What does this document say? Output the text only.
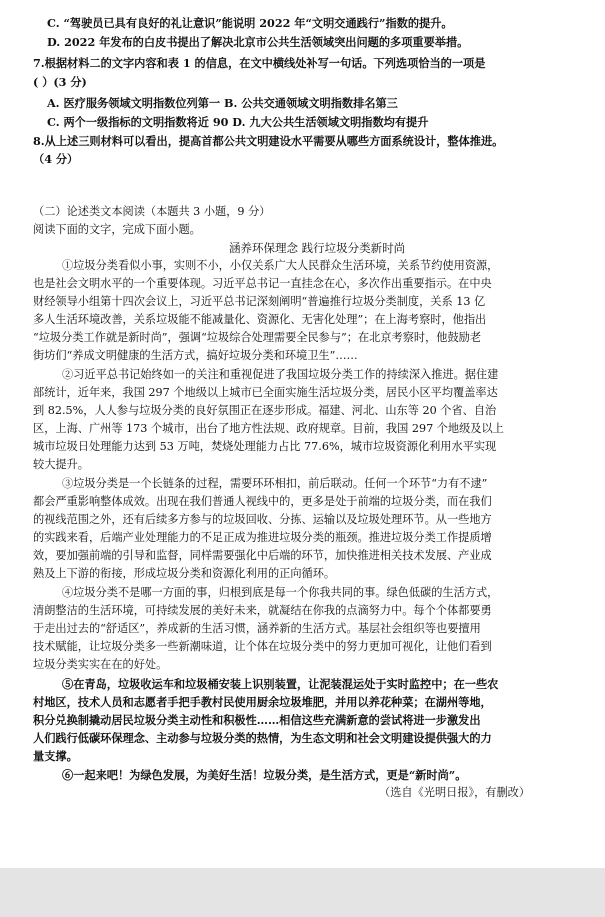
C. “驾驶员已具有良好的礼让意识”能说明 2022 年“文明交通践行”指数的提升。
D. 2022 年发布的白皮书提出了解决北京市公共生活领域突出问题的多项重要举措。
7.根据材料二的文字内容和表 1 的信息，在文中横线处补写一句话。下列选项恰当的一项是
( ）(3 分)
A. 医疗服务领域文明指数位列第一 B. 公共交通领域文明指数排名第三
C. 两个一级指标的文明指数将近 90 D. 九大公共生活领域文明指数均有提升
8.从上述三则材料可以看出，提高首都公共文明建设水平需要从哪些方面系统设计，整体推进。
（4 分）
（二）论述类文本阅读（本题共 3 小题，9 分）
阅读下面的文字，完成下面小题。
涵养环保理念 践行垃圾分类新时尚
①垃圾分类看似小事，实则不小，小仅关系广大人民群众生活环境，关系节约使用资源，
也是社会文明水平的一个重要体现。习近平总书记一直挂念在心，多次作出重要指示。在中央
财经领导小组第十四次会议上，习近平总书记深刻阐明“普遍推行垃圾分类制度，关系 13 亿
多人生活环境改善，关系垃圾能不能减量化、资源化、无害化处理”；在上海考察时，他指出
“垃圾分类工作就是新时尚”，强调“垃圾综合处理需要全民参与”；在北京考察时，他鼓励老
街坊们“养成文明健康的生活方式，搞好垃圾分类和环境卫生”……
②习近平总书记始终如一的关注和重视促进了我国垃圾分类工作的持续深入推进。据住建
部统计，近年来，我国 297 个地级以上城市已全面实施生活垃圾分类，居民小区平均覆盖率达
到 82.5%，人人参与垃圾分类的良好氛围正在逐步形成。福建、河北、山东等 20 个省、自治
区，上海、广州等 173 个城市，出台了地方性法规、政府规章。目前，我国 297 个地级及以上
城市垃圾日处理能力达到 53 万吨，焚烧处理能力占比 77.6%，城市垃圾资源化利用水平实现
较大提升。
③垃圾分类是一个长链条的过程，需要环环相扣，前后联动。任何一个环节“力有不逮”
都会严重影响整体成效。出现在我们普通人视线中的，更多是处于前端的垃圾分类，而在我们
的视线范围之外，还有后续多方参与的垃圾回收、分拣、运输以及垃圾处理环节。从一些地方
的实践来看，后端产业处理能力的不足正成为推进垃圾分类的瓶颈。推进垃圾分类工作提质增
效，要加强前端的引导和监督，同样需要强化中后端的环节，加快推进相关技术发展、产业成
熟及上下游的衔接，形成垃圾分类和资源化利用的正向循环。
④垃圾分类不是哪一方面的事，归根到底是每一个你我共同的事。绿色低碳的生活方式，
清朗整洁的生活环境，可持续发展的美好未来，就凝结在你我的点滴努力中。每个个体都要勇
于走出过去的“舒适区”，养成新的生活习惯，涵养新的生活方式。基层社会组织等也要擅用
技术赋能，让垃圾分类多一些新潮味道，让个体在垃圾分类中的努力更加可视化，让他们看到
垃圾分类实实在在的好处。
⑤在青岛，垃圾收运车和垃圾桶安装上识别装置，让泥装混运处于实时监控中；在一些农
村地区，技术人员和志愿者手把手教村民使用厨余垃圾堆肥，并用以养花种菜；在湖州等地，
积分兑换制撬动居民垃圾分类主动性和积极性……相信这些充满新意的尝试将进一步激发出
人们践行低碳环保理念、主动参与垃圾分类的热情，为生态文明和社会文明建设提供强大的力
量支撑。
⑥一起来吧！为绿色发展，为美好生活！垃圾分类，是生活方式，更是“新时尚”。
（选自《光明日报》，有删改）
